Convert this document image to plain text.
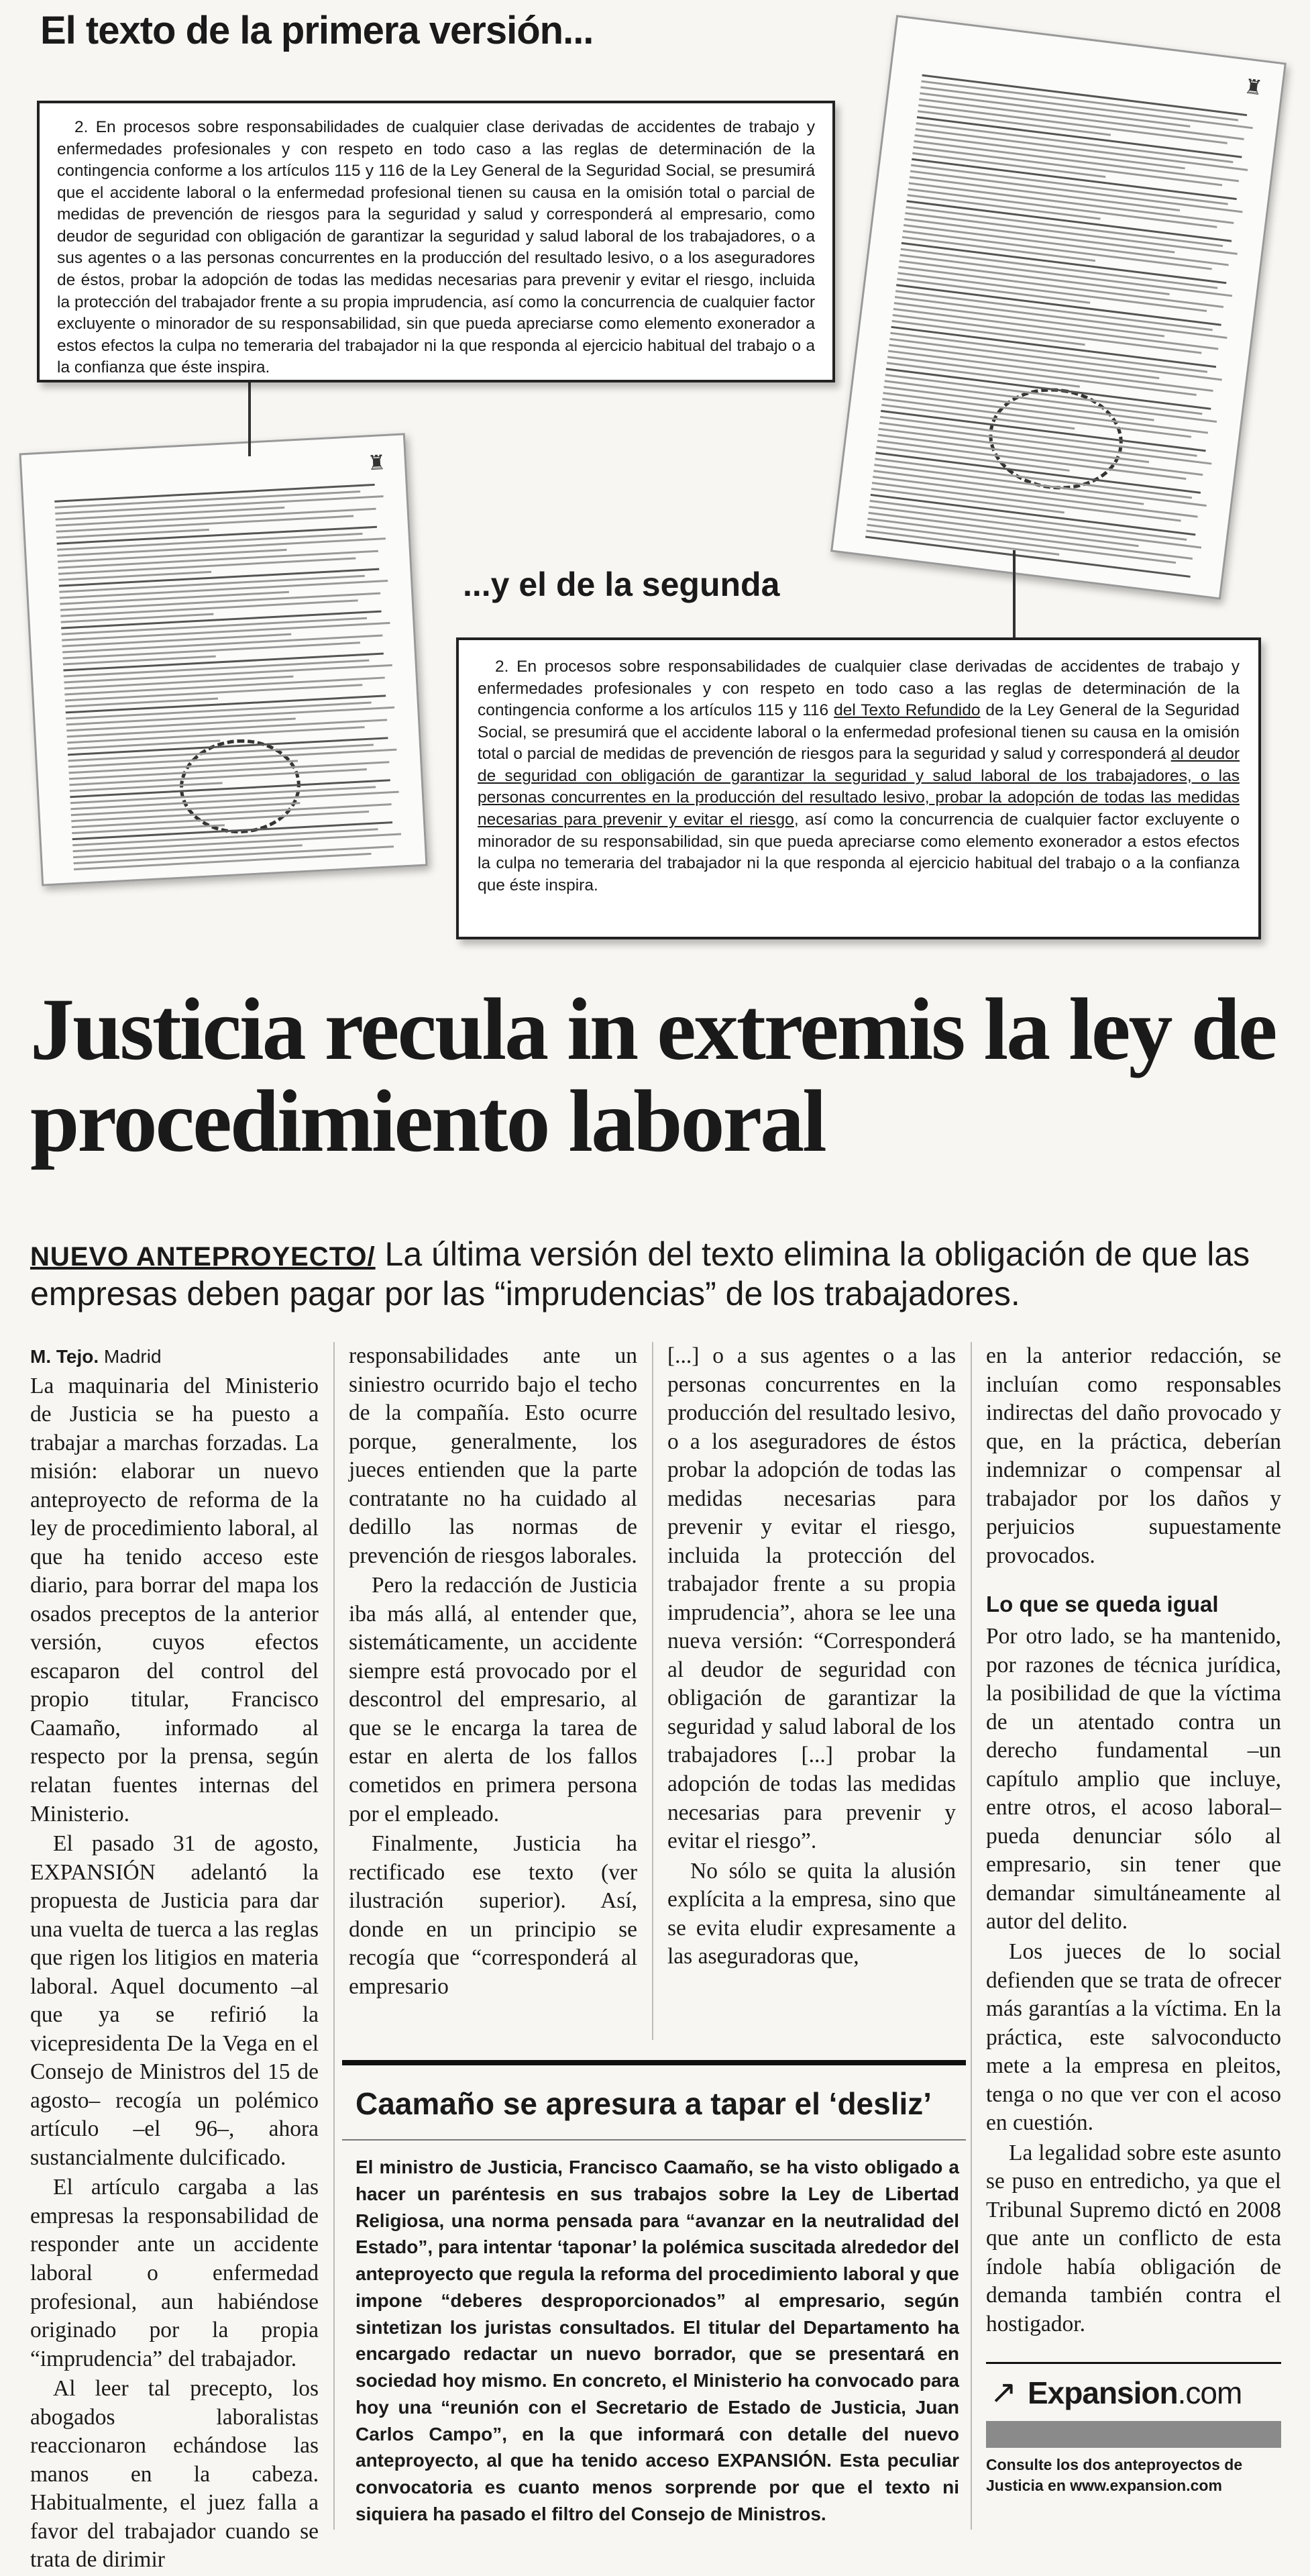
El texto de la primera versión...
♜
♜

2. En procesos sobre responsabilidades de cualquier clase derivadas de accidentes de trabajo y enfermedades profesionales y con respeto en todo caso a las reglas de determinación de la contingencia conforme a los artículos 115 y 116 de la Ley General de la Seguridad Social, se presumirá que el accidente laboral o la enfermedad profesional tienen su causa en la omisión total o parcial de medidas de prevención de riesgos para la seguridad y salud y corresponderá al empresario, como deudor de seguridad con obligación de garantizar la seguridad y salud laboral de los trabajadores, o a sus agentes o a las personas concurrentes en la producción del resultado lesivo, o a los aseguradores de éstos, probar la adopción de todas las medidas necesarias para prevenir y evitar el riesgo, incluida la protección del trabajador frente a su propia imprudencia, así como la concurrencia de cualquier factor excluyente o minorador de su responsabilidad, sin que pueda apreciarse como elemento exonerador a estos efectos la culpa no temeraria del trabajador ni la que responda al ejercicio habitual del trabajo o a la confianza que éste inspira.

...y el de la segunda

2. En procesos sobre responsabilidades de cualquier clase derivadas de accidentes de trabajo y enfermedades profesionales y con respeto en todo caso a las reglas de determinación de la contingencia conforme a los artículos 115 y 116 del Texto Refundido de la Ley General de la Seguridad Social, se presumirá que el accidente laboral o la enfermedad profesional tienen su causa en la omisión total o parcial de medidas de prevención de riesgos para la seguridad y salud y corresponderá al deudor de seguridad con obligación de garantizar la seguridad y salud laboral de los trabajadores, o las personas concurrentes en la producción del resultado lesivo, probar la adopción de todas las medidas necesarias para prevenir y evitar el riesgo, así como la concurrencia de cualquier factor excluyente o minorador de su responsabilidad, sin que pueda apreciarse como elemento exonerador a estos efectos la culpa no temeraria del trabajador ni la que responda al ejercicio habitual del trabajo o a la confianza que éste inspira.

Justicia recula in extremis la ley de procedimiento laboral
NUEVO ANTEPROYECTO/ La última versión del texto elimina la obligación de que las empresas deben pagar por las “imprudencias” de los trabajadores.

M. Tejo. Madrid

La maquinaria del Ministerio de Justicia se ha puesto a trabajar a marchas forzadas. La misión: elaborar un nuevo anteproyecto de reforma de la ley de procedimiento laboral, al que ha tenido acceso este diario, para borrar del mapa los osados preceptos de la anterior versión, cuyos efectos escaparon del control del propio titular, Francisco Caamaño, informado al respecto por la prensa, según relatan fuentes internas del Ministerio.

El pasado 31 de agosto, EXPANSIÓN adelantó la propuesta de Justicia para dar una vuelta de tuerca a las reglas que rigen los litigios en materia laboral. Aquel documento –al que ya se refirió la vicepresidenta De la Vega en el Consejo de Ministros del 15 de agosto– recogía un polémico artículo –el 96–, ahora sustancialmente dulcificado.

El artículo cargaba a las empresas la responsabilidad de responder ante un accidente laboral o enfermedad profesional, aun habiéndose originado por la propia “imprudencia” del trabajador.

Al leer tal precepto, los abogados laboralistas reaccionaron echándose las manos en la cabeza. Habitualmente, el juez falla a favor del trabajador cuando se trata de dirimir

responsabilidades ante un siniestro ocurrido bajo el techo de la compañía. Esto ocurre porque, generalmente, los jueces entienden que la parte contratante no ha cuidado al dedillo las normas de prevención de riesgos laborales.

Pero la redacción de Justicia iba más allá, al entender que, sistemáticamente, un accidente siempre está provocado por el descontrol del empresario, al que se le encarga la tarea de estar en alerta de los fallos cometidos en primera persona por el empleado.

Finalmente, Justicia ha rectificado ese texto (ver ilustración superior). Así, donde en un principio se recogía que “corresponderá al empresario

[...] o a sus agentes o a las personas concurrentes en la producción del resultado lesivo, o a los aseguradores de éstos probar la adopción de todas las medidas necesarias para prevenir y evitar el riesgo, incluida la protección del trabajador frente a su propia imprudencia”, ahora se lee una nueva versión: “Corresponderá al deudor de seguridad con obligación de garantizar la seguridad y salud laboral de los trabajadores [...] probar la adopción de todas las medidas necesarias para prevenir y evitar el riesgo”.

No sólo se quita la alusión explícita a la empresa, sino que se evita eludir expresamente a las aseguradoras que,

en la anterior redacción, se incluían como responsables indirectas del daño provocado y que, en la práctica, deberían indemnizar o compensar al trabajador por los daños y perjuicios supuestamente provocados.

Lo que se queda igual

Por otro lado, se ha mantenido, por razones de técnica jurídica, la posibilidad de que la víctima de un atentado contra un derecho fundamental –un capítulo amplio que incluye, entre otros, el acoso laboral– pueda denunciar sólo al empresario, sin tener que demandar simultáneamente al autor del delito.

Los jueces de lo social defienden que se trata de ofrecer más garantías a la víctima. En la práctica, este salvoconducto mete a la empresa en pleitos, tenga o no que ver con el acoso en cuestión.

La legalidad sobre este asunto se puso en entredicho, ya que el Tribunal Supremo dictó en 2008 que ante un conflicto de esta índole había obligación de demanda también contra el hostigador.

Caamaño se apresura a tapar el ‘desliz’
El ministro de Justicia, Francisco Caamaño, se ha visto obligado a hacer un paréntesis en sus trabajos sobre la Ley de Libertad Religiosa, una norma pensada para “avanzar en la neutralidad del Estado”, para intentar ‘taponar’ la polémica suscitada alrededor del anteproyecto que regula la reforma del procedimiento laboral y que impone “deberes desproporcionados” al empresario, según sintetizan los juristas consultados. El titular del Departamento ha encargado redactar un nuevo borrador, que se presentará en sociedad hoy mismo. En concreto, el Ministerio ha convocado para hoy una “reunión con el Secretario de Estado de Justicia, Juan Carlos Campo”, en la que informará con detalle del nuevo anteproyecto, al que ha tenido acceso EXPANSIÓN. Esta peculiar convocatoria es cuanto menos sorprende por que el texto ni siquiera ha pasado el filtro del Consejo de Ministros.
↗ Expansion.com
Consulte los dos anteproyectos de Justicia en www.expansion.com
